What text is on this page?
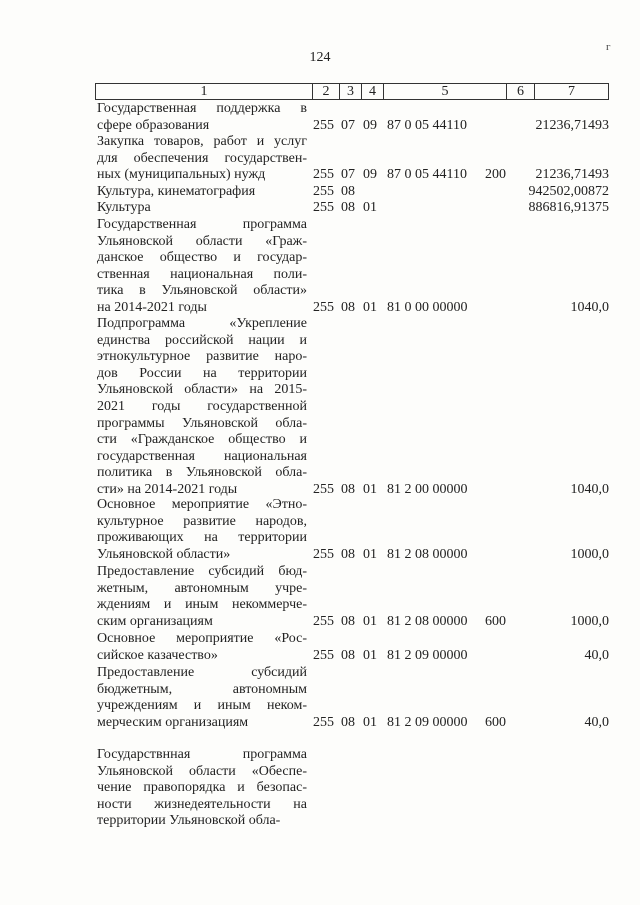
124
г
1	2	3	4	5	6	7
Государственная поддержка в
сфере образования	255 07 09 87 0 05 44110	21236,71493
Закупка товаров, работ и услуг
для обеспечения государствен-
ных (муниципальных) нужд	255 07 09 87 0 05 44110 200 21236,71493
Культура, кинематография	255 08	942502,00872
Культура	255 08 01	886816,91375
Государственная программа
Ульяновской области «Граж-
данское общество и государ-
ственная национальная поли-
тика в Ульяновской области»
на 2014-2021 годы	255 08 01 81 0 00 00000	1040,0
Подпрограмма «Укрепление
единства российской нации и
этнокультурное развитие наро-
дов России на территории
Ульяновской области» на 2015-
2021 годы государственной
программы Ульяновской обла-
сти «Гражданское общество и
государственная национальная
политика в Ульяновской обла-
сти» на 2014-2021 годы	255 08 01 81 2 00 00000	1040,0
Основное мероприятие «Этно-
культурное развитие народов,
проживающих на территории
Ульяновской области»	255 08 01 81 2 08 00000	1000,0
Предоставление субсидий бюд-
жетным, автономным учре-
ждениям и иным некоммерче-
ским организациям	255 08 01 81 2 08 00000 600	1000,0
Основное мероприятие «Рос-
сийское казачество»	255 08 01 81 2 09 00000	40,0
Предоставление субсидий
бюджетным, автономным
учреждениям и иным неком-
мерческим организациям	255 08 01 81 2 09 00000 600	40,0
Государствнная программа
Ульяновской области «Обеспе-
чение правопорядка и безопас-
ности жизнедеятельности на
территории Ульяновской обла-
